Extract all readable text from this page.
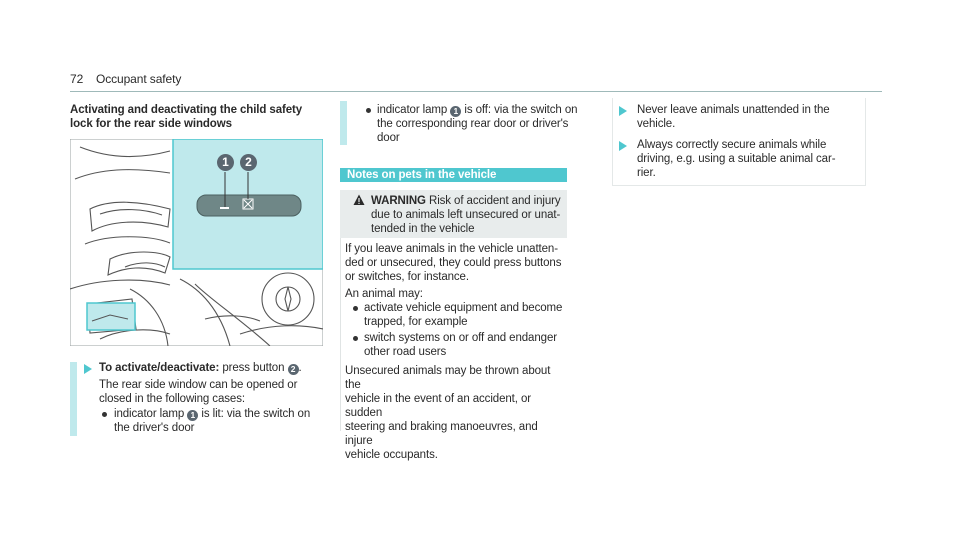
72 Occupant safety
Activating and deactivating the child safety
lock for the rear side windows
1	2
To activate/deactivate: press button 2 .
The rear side window can be opened or
closed in the following cases:
indicator lamp 1 is lit: via the switch on
the driver's door
indicator lamp 1 is off: via the switch on
the corresponding rear door or driver's
door
Notes on pets in the vehicle
WARNING Risk of accident and injury
due to animals left unsecured or unat-
tended in the vehicle
If you leave animals in the vehicle unatten-
ded or unsecured, they could press buttons
or switches, for instance.
An animal may:
activate vehicle equipment and become
trapped, for example
switch systems on or off and endanger
other road users
Unsecured animals may be thrown about the
vehicle in the event of an accident, or sudden
steering and braking manoeuvres, and injure
vehicle occupants.
Never leave animals unattended in the
vehicle.
Always correctly secure animals while
driving, e.g. using a suitable animal car-
rier.
